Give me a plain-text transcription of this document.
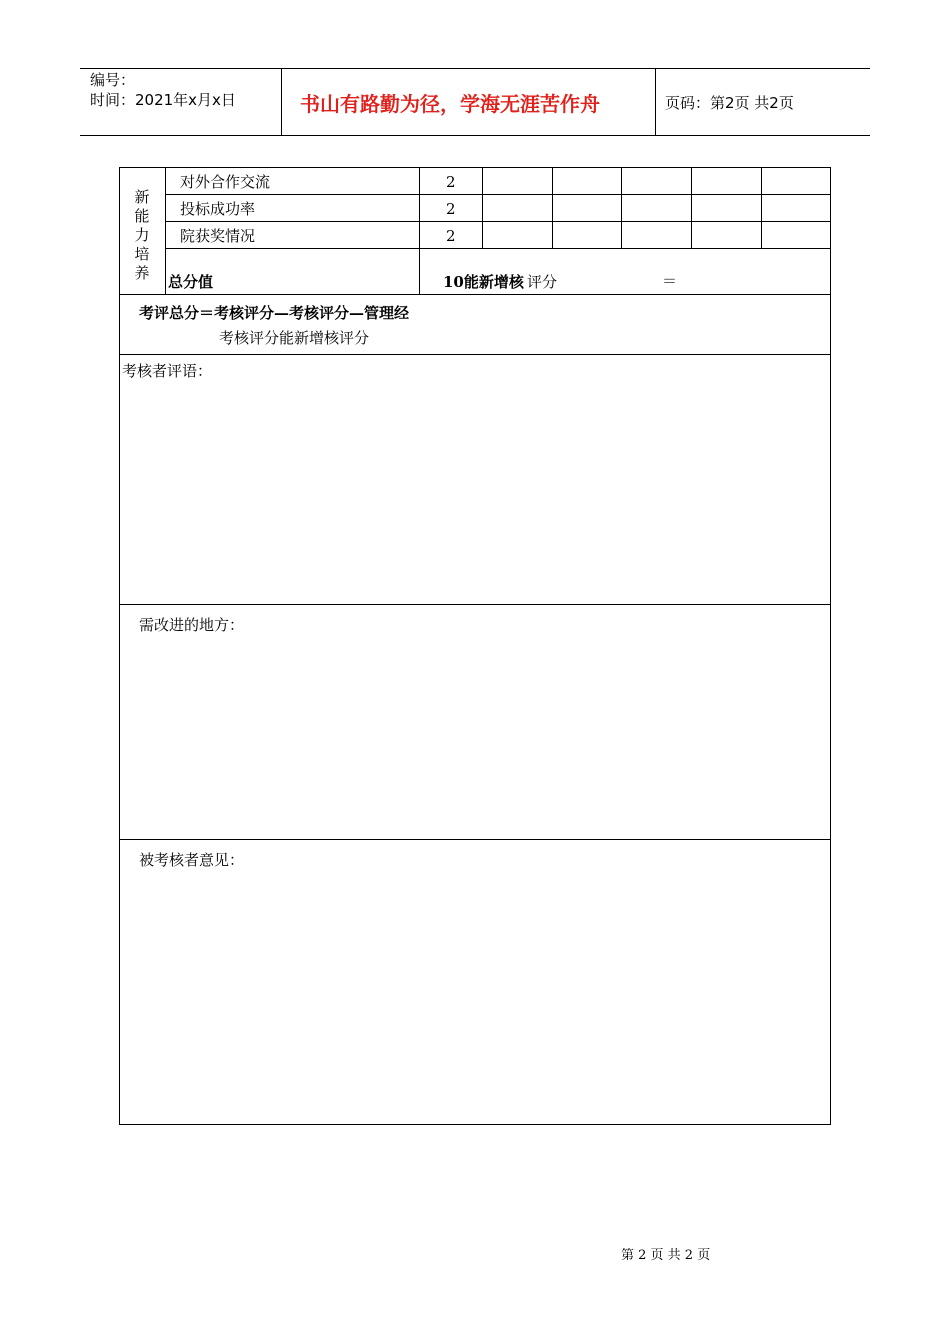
编号：
时间：2021年x月x日	书山有路勤为径，学海无涯苦作舟	页码：第2页 共2页
新
能
力
培
养
对外合作交流	2
投标成功率	2
院获奖情况	2
总分值	10能新增核 评分	＝
考评总分＝考核评分—考核评分—管理经
考核评分能新增核评分
考核者评语：
需改进的地方：
被考核者意见：
第 2 页 共 2 页
